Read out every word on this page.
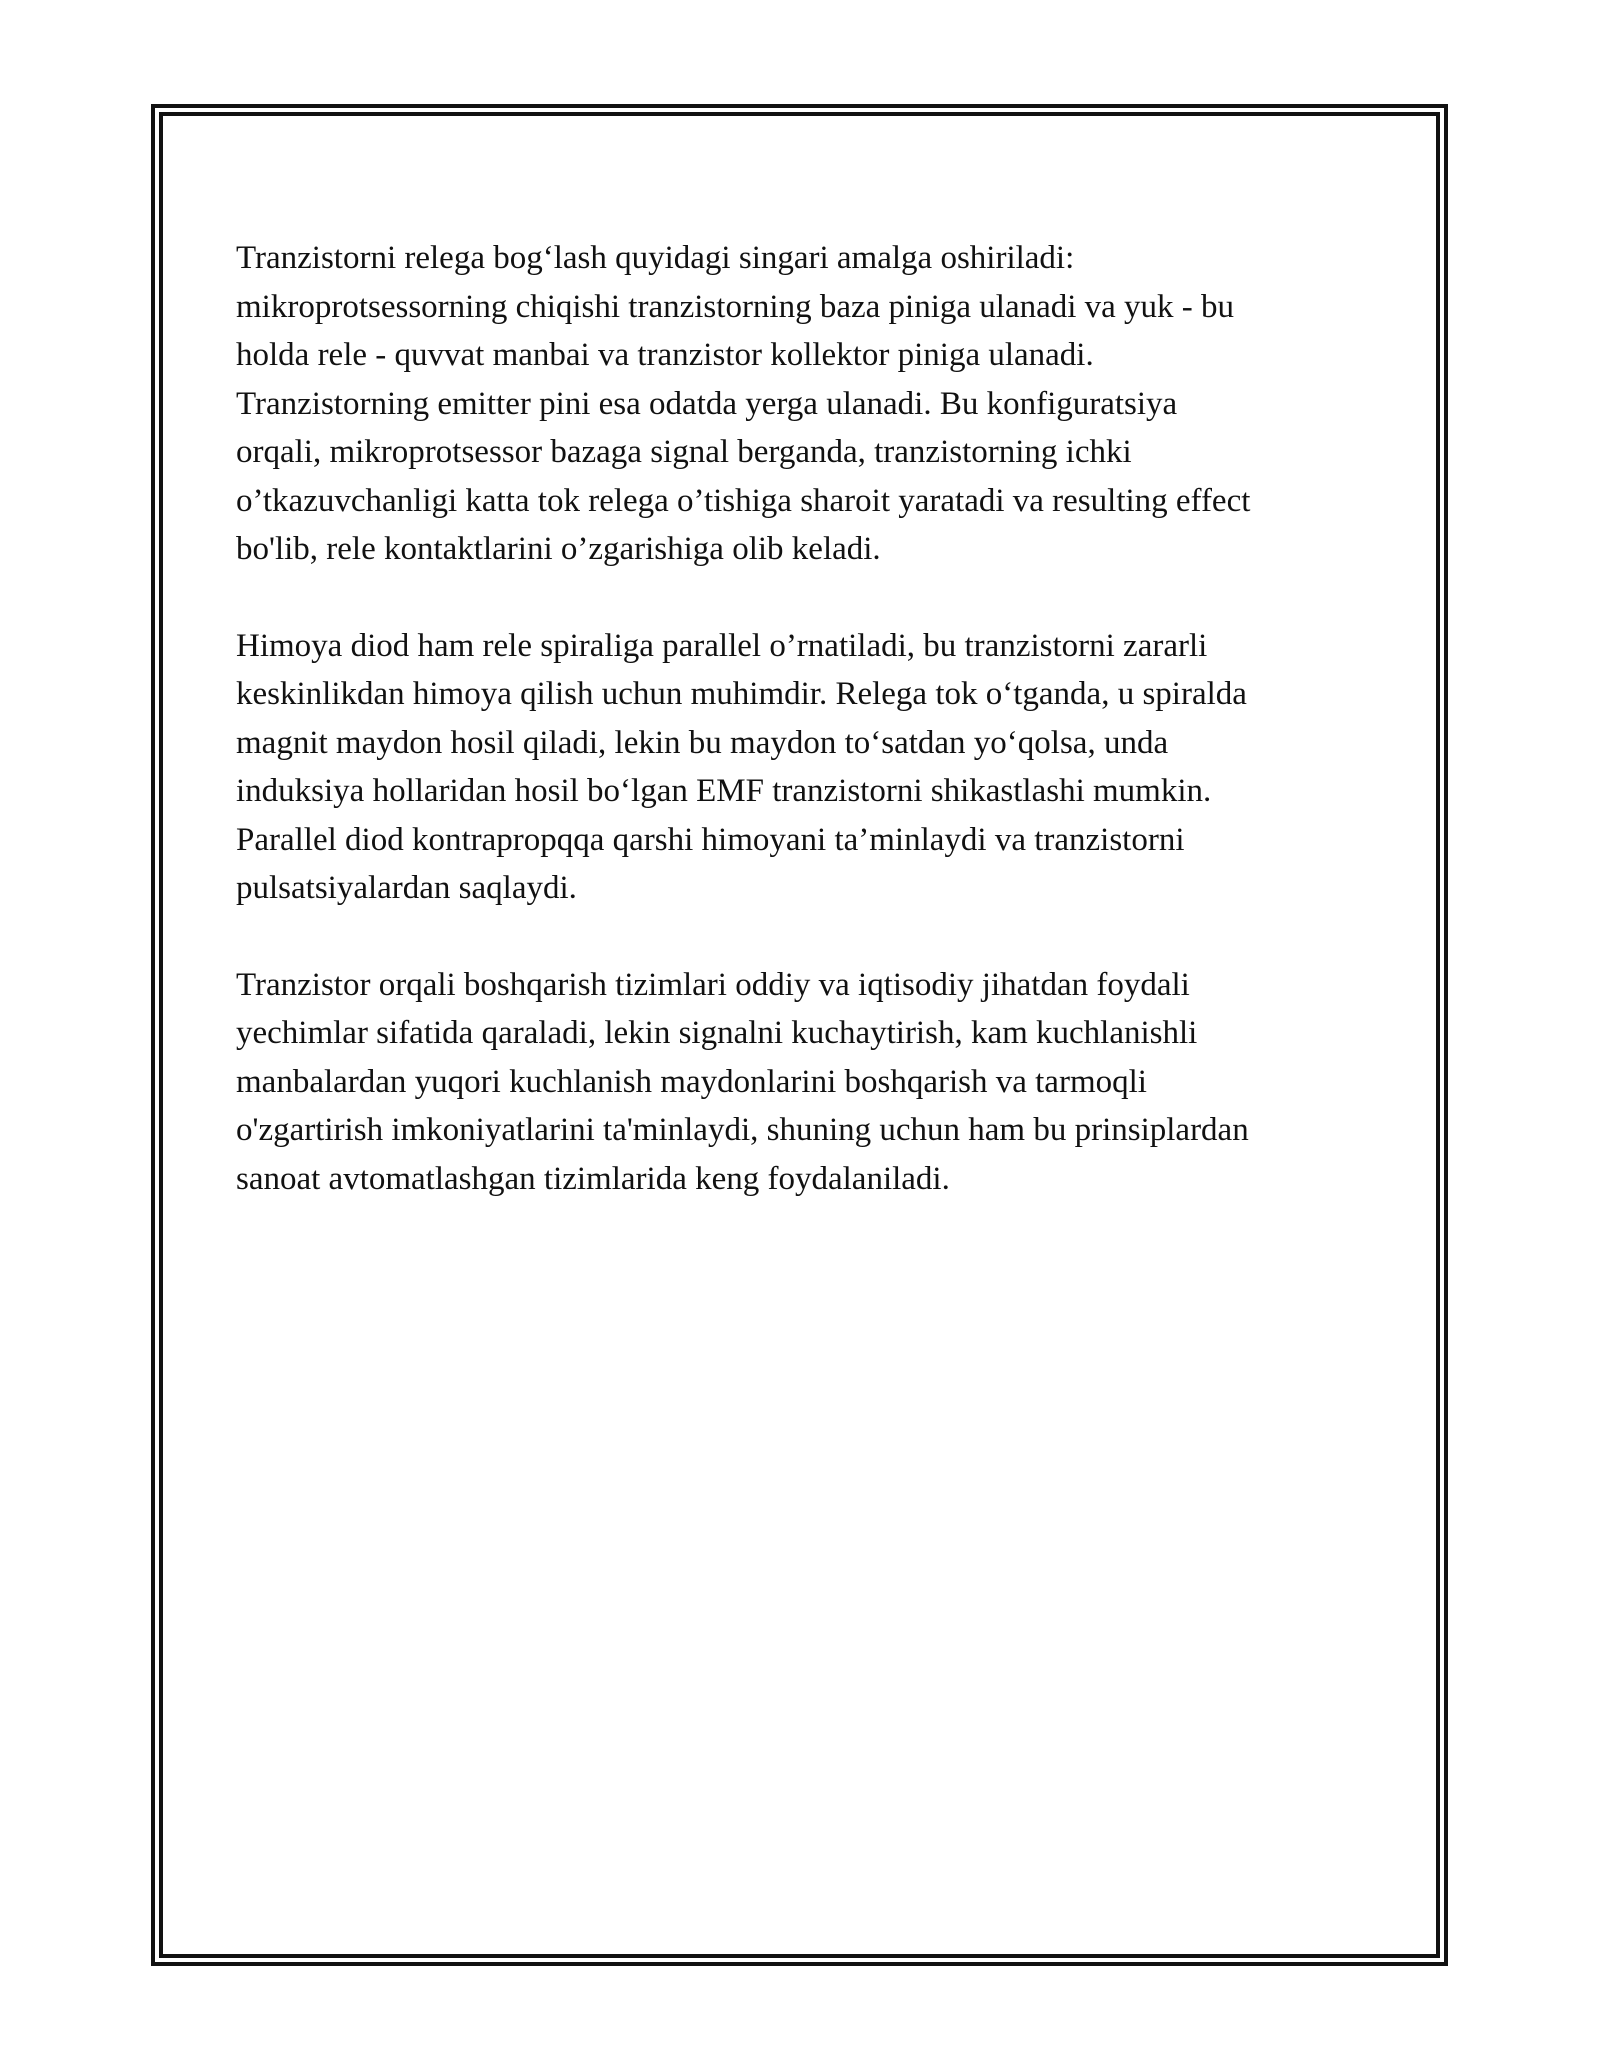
Tranzistorni relega bog‘lash quyidagi singari amalga oshiriladi:
mikroprotsessorning chiqishi tranzistorning baza piniga ulanadi va yuk - bu
holda rele - quvvat manbai va tranzistor kollektor piniga ulanadi.
Tranzistorning emitter pini esa odatda yerga ulanadi. Bu konfiguratsiya
orqali, mikroprotsessor bazaga signal berganda, tranzistorning ichki
o’tkazuvchanligi katta tok relega o’tishiga sharoit yaratadi va resulting effect
bo'lib, rele kontaktlarini o’zgarishiga olib keladi.

Himoya diod ham rele spiraliga parallel o’rnatiladi, bu tranzistorni zararli
keskinlikdan himoya qilish uchun muhimdir. Relega tok o‘tganda, u spiralda
magnit maydon hosil qiladi, lekin bu maydon to‘satdan yo‘qolsa, unda
induksiya hollaridan hosil bo‘lgan EMF tranzistorni shikastlashi mumkin.
Parallel diod kontrapropqqa qarshi himoyani ta’minlaydi va tranzistorni
pulsatsiyalardan saqlaydi.

Tranzistor orqali boshqarish tizimlari oddiy va iqtisodiy jihatdan foydali
yechimlar sifatida qaraladi, lekin signalni kuchaytirish, kam kuchlanishli
manbalardan yuqori kuchlanish maydonlarini boshqarish va tarmoqli
o'zgartirish imkoniyatlarini ta'minlaydi, shuning uchun ham bu prinsiplardan
sanoat avtomatlashgan tizimlarida keng foydalaniladi.
